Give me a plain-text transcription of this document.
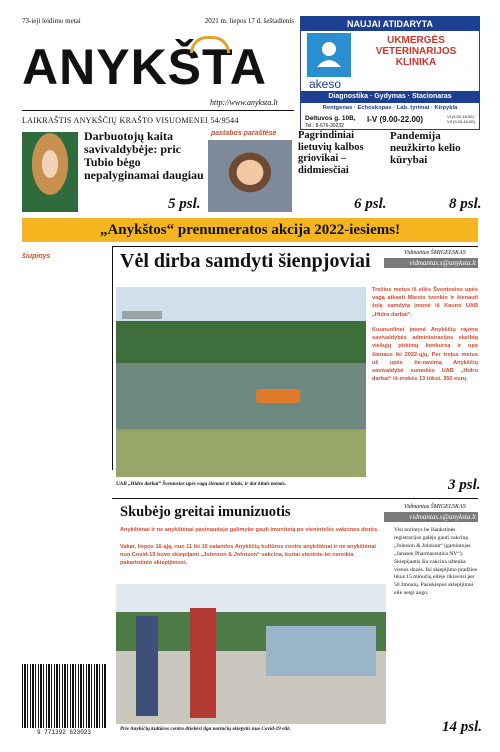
73-ieji leidimo metai	2021 m. liepos 17 d. šeštadienis
ANYKŠTA
http://www.anyksta.lt
LAIKRAŠTIS ANYKŠČIŲ KRAŠTO VISUOMENEI 54/9544
NAUJAI ATIDARYTA
akeso
UKMERGĖS VETERINARIJOS KLINIKA
Diagnostika · Gydymas · Stacionaras
Rentgenas · Echoskopas · Lab. tyrimai · Kirpykla
Deltuvos g. 10B,
Tel.: 8-676-30232
I-V (9.00-22.00)	VI (9.00-16.00) VII (9.00-16.00)
Darbuotojų kaita savivaldybėje: pric Tubio bėgo nepalyginamai daugiau
5 psl.
pastabos paraštėse Pagrindiniai lietuvių kalbos griovikai – didmiesčiai
6 psl.
Pandemija neužkirto kelio kūrybai
8 psl.
„Anykštos“ prenumeratos akcija 2022-iesiems!
šiupinys	Vėl dirba samdyti šienpjoviai	Vidmantas ŠMIGELSKAS
vidmantas.s@anyksta.lt
UAB „Hidro darbai“ Šventosios upės vagą šienaus ir kitais, ir dar kitais metais.
Trečius metus iš eilės Šventosios upės vagą atkasti Miesto tvenkio ir šienauti žolę samdyta įmonė iš Kauno UAB „Hidro darbai“.
Kuunuolinei įmonė Anykščių rajono savivaldybės administracijos skelbtą viešųjų pirkimų konkursą ir upę šienaus iki 2022-ųjų. Per trejus metus už upės tie-navimą Anykščių savivaldybė sumokės UAB „Hidro darbai“ iš-mokės 13 tūkst. 350 eurų.
3 psl.
Skubėjo greitai imunizuotis	Vidmantas ŠMIGELSKAS
vidmantas.s@anyksta.lt
Anykštėnai ir ne anykštėnai pasinaudojo galimybe gauti imunitetą po vienintelės vakcinos dozės.
Vakar, liepos 16-ąją, nuo 11 iki 16 valandos Anykščių kultūros centre anykštėnai ir ne anykštėnai nuo Covid-19 buvo skiepijami „Johnson & Johnson“ vakcina, kuriai vieninte-lei nereikia pakartotinio skiepijimosi.
Visi norintys be išankstinės registracijos galėjo gauti vakciną „Johnson & Johnson“ (gamintojas „Janssen Pharmaceutica NV“). Skiepijantis šia vakcina užtenka vienos dozės. Iki skiepijimo pradžios likus 15 minučių eilėje rikiavosi per 50 žmonių. Pasiskiepus skiepijimui eilė netgi augo.
Prie Anykščių kultūros centro driekėsi ilga norinčių skiepytis nuo Covid-19 eilė.	14 psl.
9 771392 623023
